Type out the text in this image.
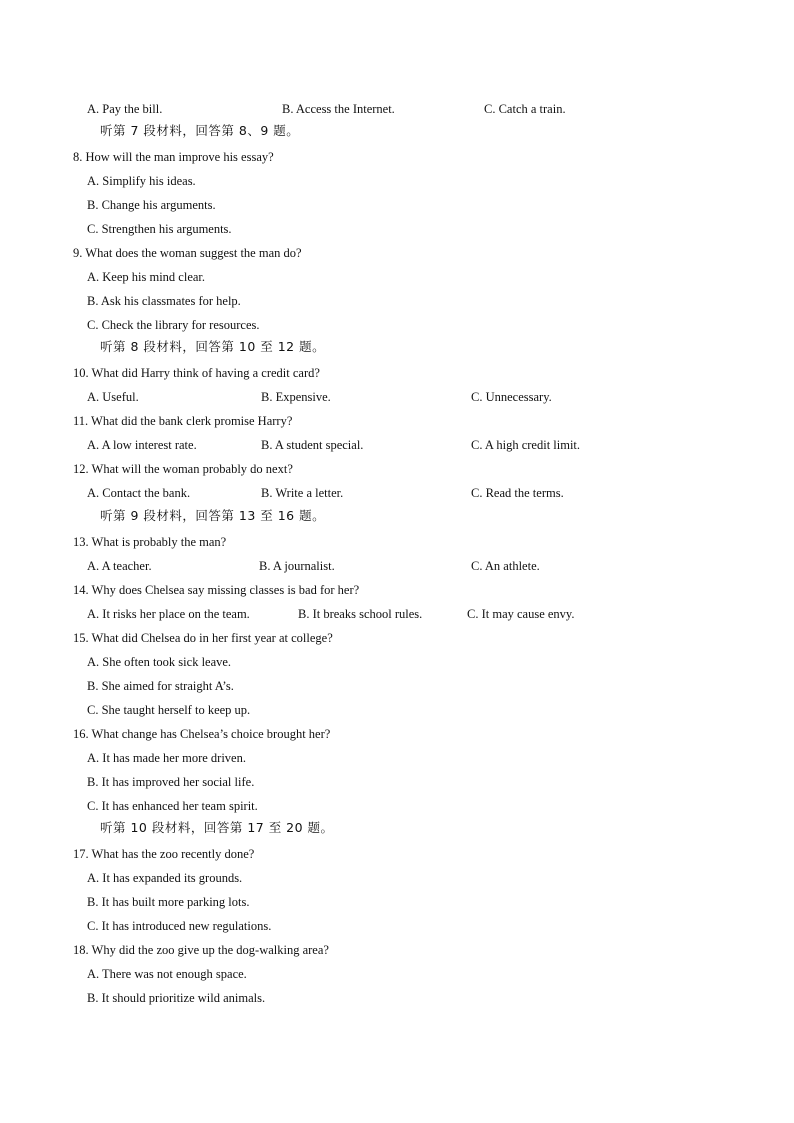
A. Pay the bill.	B. Access the Internet.	C. Catch a train.
听第 7 段材料，回答第 8、9 题。
8. How will the man improve his essay?
A. Simplify his ideas.
B. Change his arguments.
C. Strengthen his arguments.
9. What does the woman suggest the man do?
A. Keep his mind clear.
B. Ask his classmates for help.
C. Check the library for resources.
听第 8 段材料，回答第 10 至 12 题。
10. What did Harry think of having a credit card?
A. Useful.	B. Expensive.	C. Unnecessary.
11. What did the bank clerk promise Harry?
A. A low interest rate.	B. A student special.	C. A high credit limit.
12. What will the woman probably do next?
A. Contact the bank.	B. Write a letter.	C. Read the terms.
听第 9 段材料，回答第 13 至 16 题。
13. What is probably the man?
A. A teacher.	B. A journalist.	C. An athlete.
14. Why does Chelsea say missing classes is bad for her?
A. It risks her place on the team.	B. It breaks school rules.	C. It may cause envy.
15. What did Chelsea do in her first year at college?
A. She often took sick leave.
B. She aimed for straight A’s.
C. She taught herself to keep up.
16. What change has Chelsea’s choice brought her?
A. It has made her more driven.
B. It has improved her social life.
C. It has enhanced her team spirit.
听第 10 段材料，回答第 17 至 20 题。
17. What has the zoo recently done?
A. It has expanded its grounds.
B. It has built more parking lots.
C. It has introduced new regulations.
18. Why did the zoo give up the dog-walking area?
A. There was not enough space.
B. It should prioritize wild animals.
